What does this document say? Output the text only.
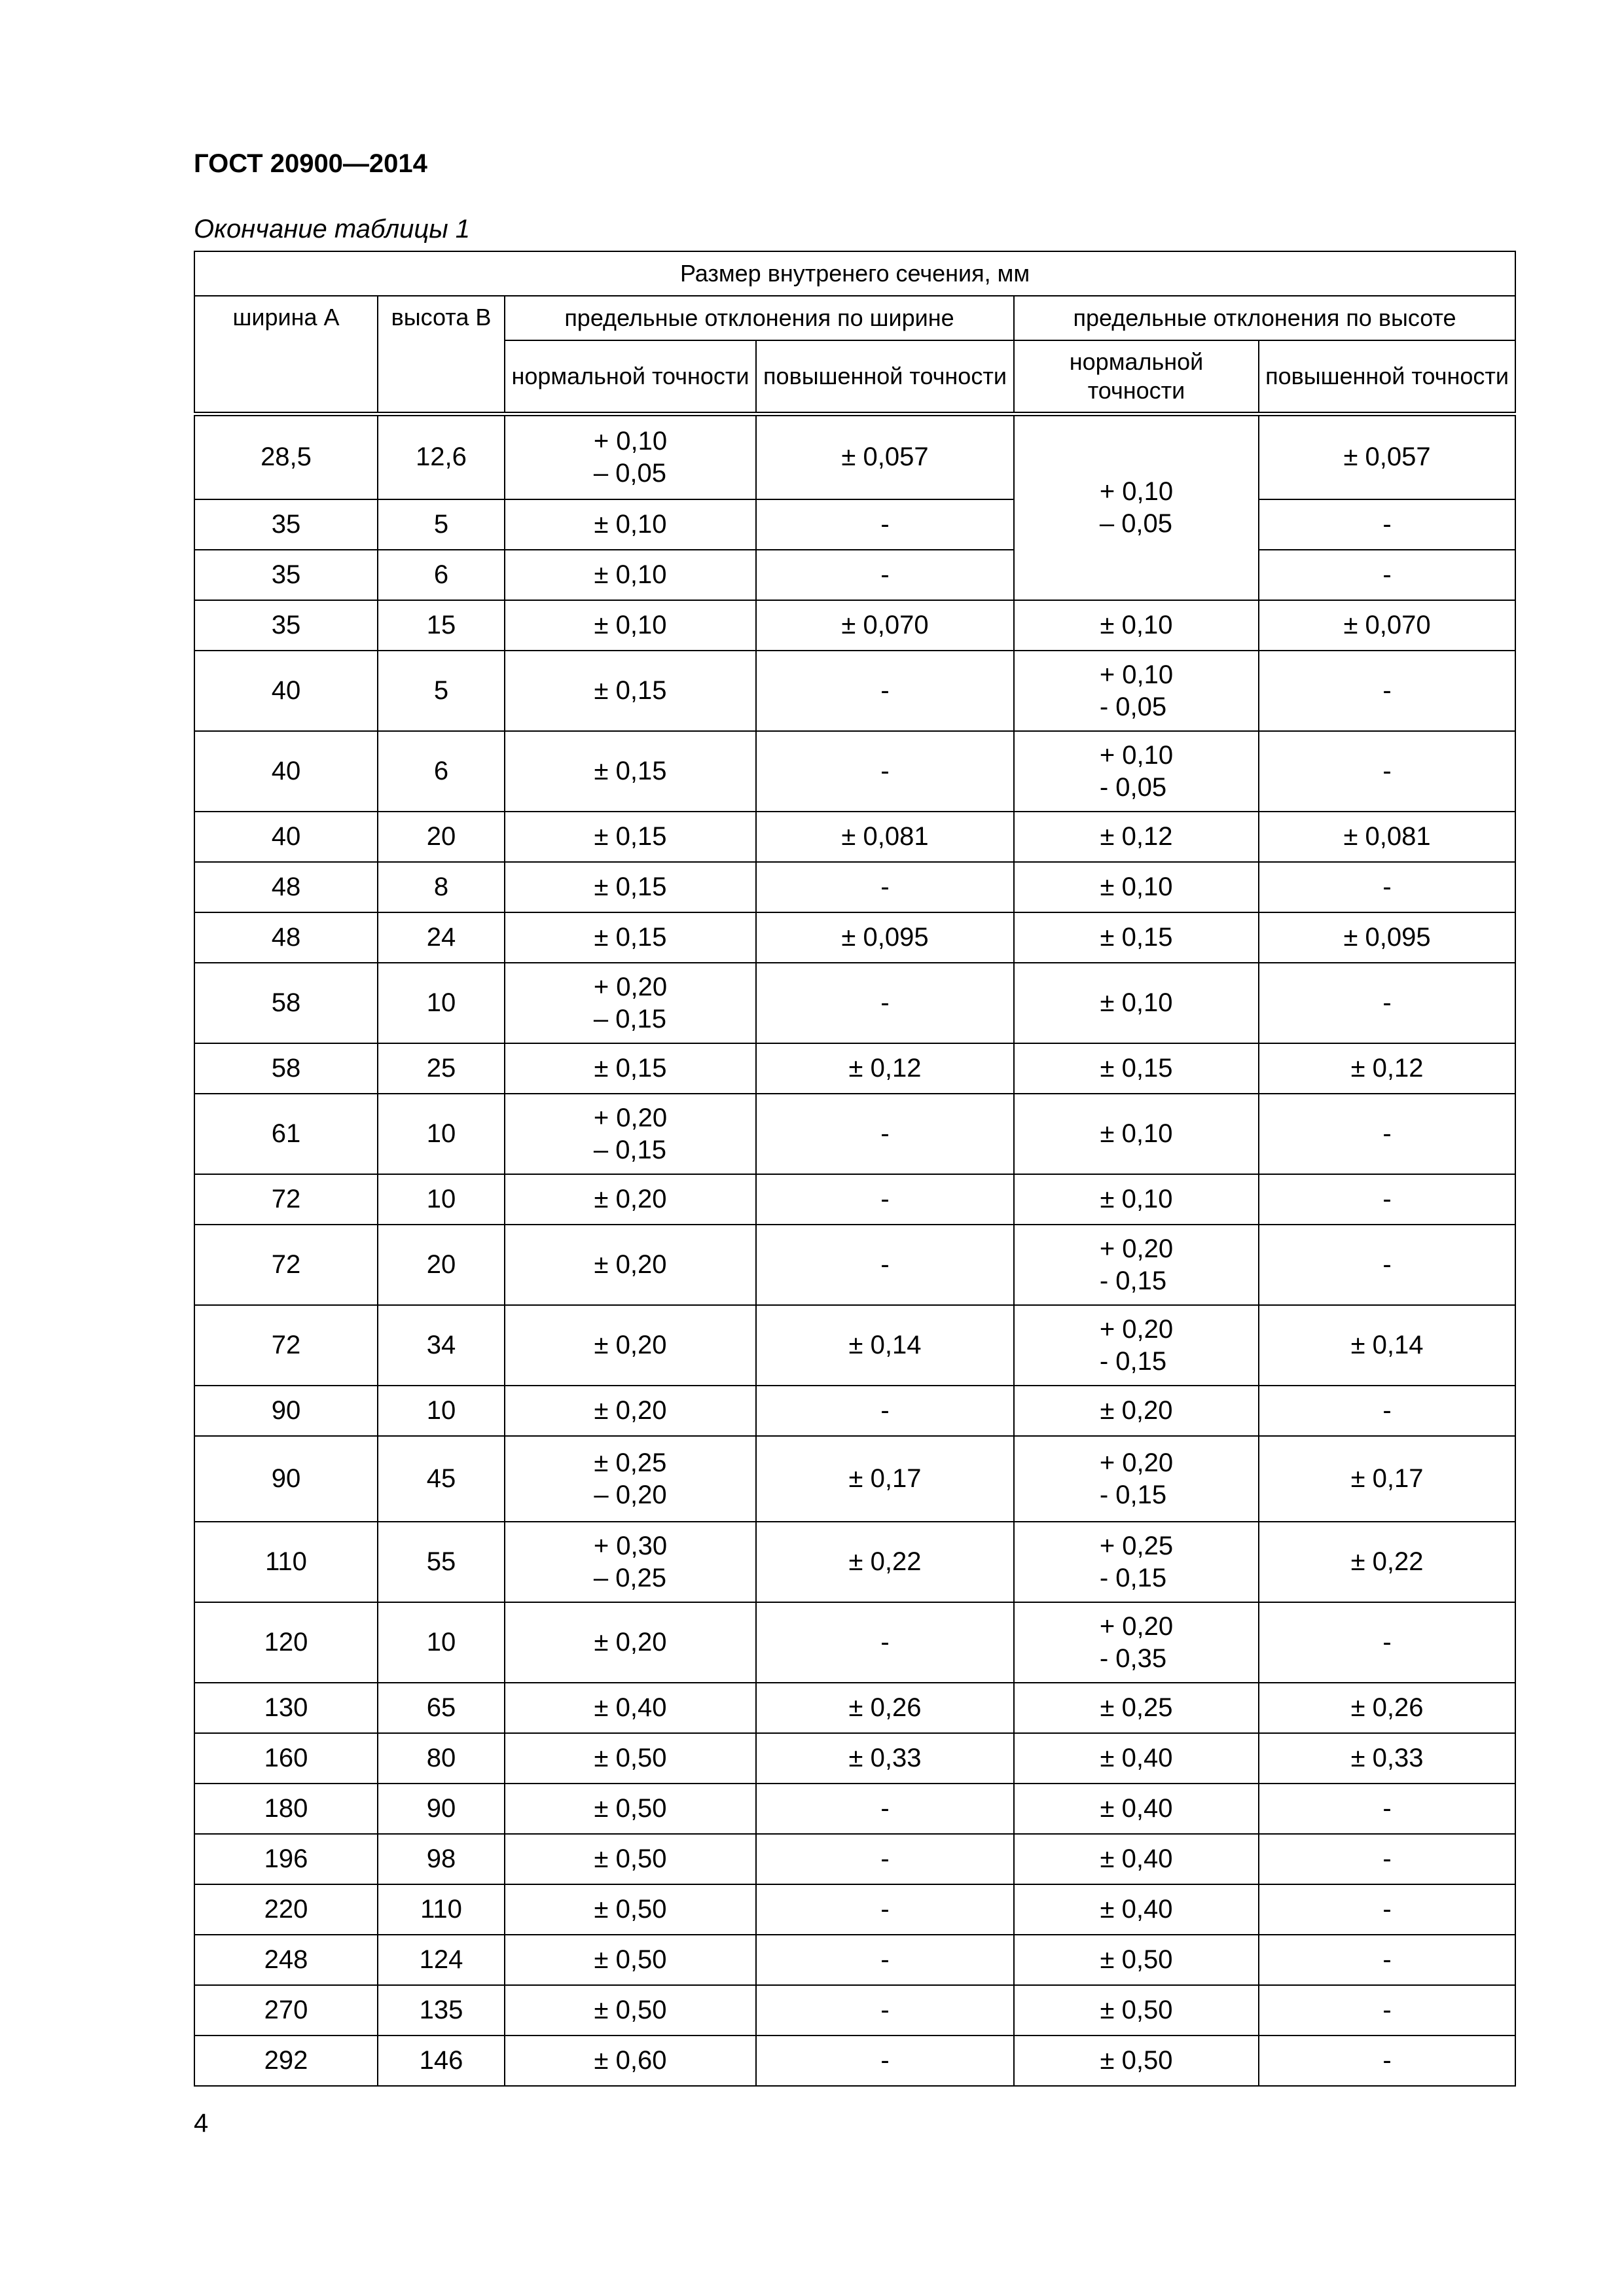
ГОСТ 20900—2014
Окончание таблицы 1
Размер внутренего сечения, мм					
ширина А	высота В	предельные отклонения по ширине		предельные отклонения по высоте	
		нормальной точности	повышенной точности	нормальной точности	повышенной точности
28,5	12,6	+ 0,10
– 0,05	± 0,057	+ 0,10
– 0,05	± 0,057
35	5	± 0,10	-		-
35	6	± 0,10	-		-
35	15	± 0,10	± 0,070	± 0,10	± 0,070
40	5	± 0,15	-	+ 0,10
- 0,05	-
40	6	± 0,15	-	+ 0,10
- 0,05	-
40	20	± 0,15	± 0,081	± 0,12	± 0,081
48	8	± 0,15	-	± 0,10	-
48	24	± 0,15	± 0,095	± 0,15	± 0,095
58	10	+ 0,20
– 0,15	-	± 0,10	-
58	25	± 0,15	± 0,12	± 0,15	± 0,12
61	10	+ 0,20
– 0,15	-	± 0,10	-
72	10	± 0,20	-	± 0,10	-
72	20	± 0,20	-	+ 0,20
- 0,15	-
72	34	± 0,20	± 0,14	+ 0,20
- 0,15	± 0,14
90	10	± 0,20	-	± 0,20	-
90	45	± 0,25
– 0,20	± 0,17	+ 0,20
- 0,15	± 0,17
110	55	+ 0,30
– 0,25	± 0,22	+ 0,25
- 0,15	± 0,22
120	10	± 0,20	-	+ 0,20
- 0,35	-
130	65	± 0,40	± 0,26	± 0,25	± 0,26
160	80	± 0,50	± 0,33	± 0,40	± 0,33
180	90	± 0,50	-	± 0,40	-
196	98	± 0,50	-	± 0,40	-
220	110	± 0,50	-	± 0,40	-
248	124	± 0,50	-	± 0,50	-
270	135	± 0,50	-	± 0,50	-
292	146	± 0,60	-	± 0,50	-
4
